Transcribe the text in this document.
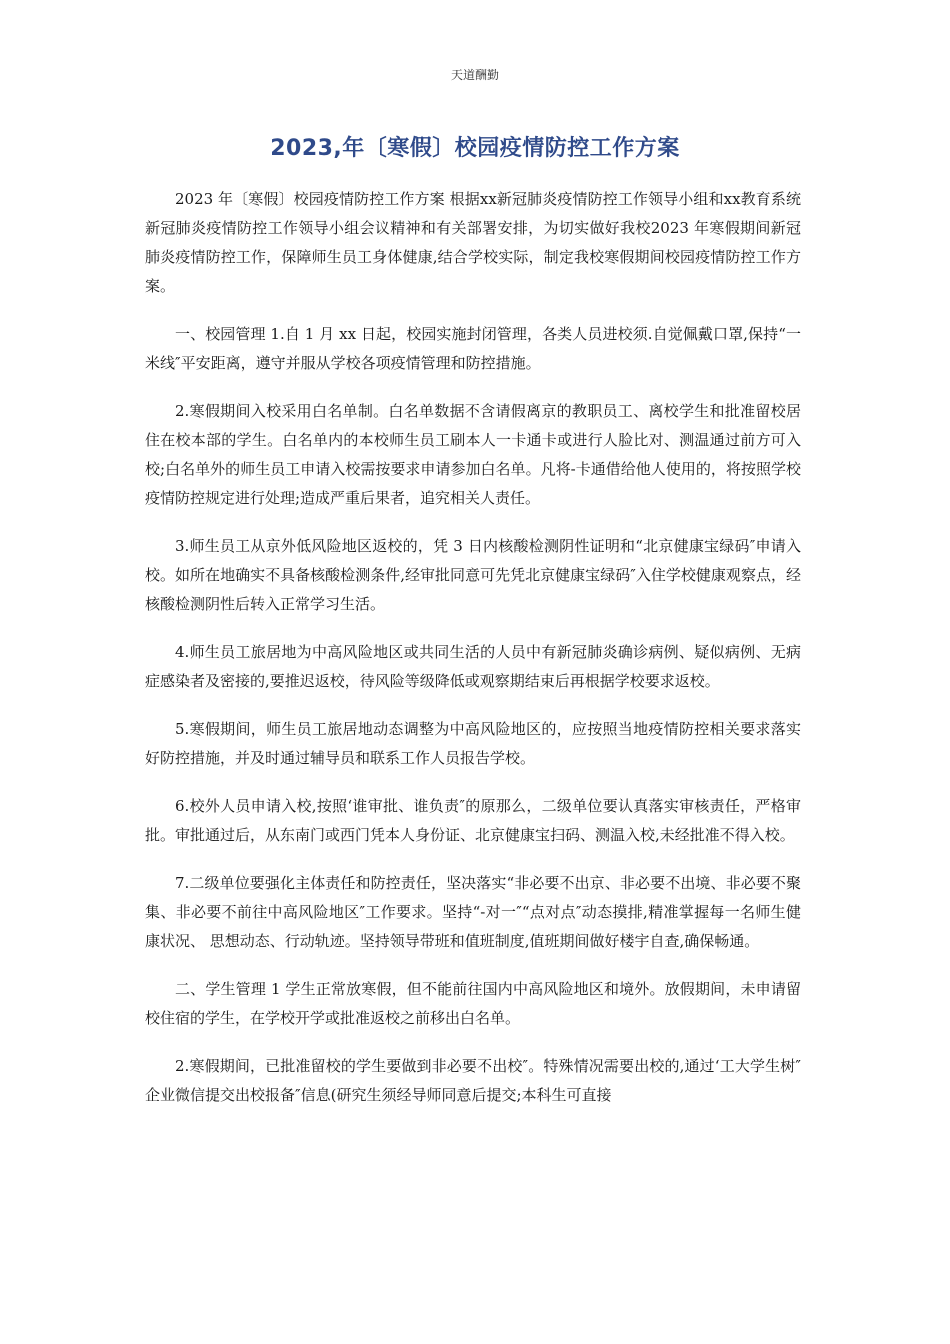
天道酬勤
2023,年〔寒假〕校园疫情防控工作方案

2023 年〔寒假〕校园疫情防控工作方案 根据xx新冠肺炎疫情防控工作领导小组和xx教育系统新冠肺炎疫情防控工作领导小组会议精神和有关部署安排，为切实做好我校2023 年寒假期间新冠肺炎疫情防控工作，保障师生员工身体健康,结合学校实际，制定我校寒假期间校园疫情防控工作方案。

一、校园管理 1.自 1 月 xx 日起，校园实施封闭管理，各类人员进校须.自觉佩戴口罩,保持“一米线″平安距离，遵守并服从学校各项疫情管理和防控措施。

2.寒假期间入校采用白名单制。白名单数据不含请假离京的教职员工、离校学生和批准留校居住在校本部的学生。白名单内的本校师生员工刷本人一卡通卡或进行人脸比对、测温通过前方可入校;白名单外的师生员工申请入校需按要求申请参加白名单。凡将-卡通借给他人使用的，将按照学校疫情防控规定进行处理;造成严重后果者，追究相关人责任。

3.师生员工从京外低风险地区返校的，凭 3 日内核酸检测阴性证明和“北京健康宝绿码″申请入校。如所在地确实不具备核酸检测条件,经审批同意可先凭北京健康宝绿码″入住学校健康观察点，经核酸检测阴性后转入正常学习生活。

4.师生员工旅居地为中高风险地区或共同生活的人员中有新冠肺炎确诊病例、疑似病例、无病症感染者及密接的,要推迟返校，待风险等级降低或观察期结束后再根据学校要求返校。

5.寒假期间，师生员工旅居地动态调整为中高风险地区的，应按照当地疫情防控相关要求落实好防控措施，并及时通过辅导员和联系工作人员报告学校。

6.校外人员申请入校,按照‘谁审批、谁负责″的原那么，二级单位要认真落实审核责任，严格审批。审批通过后，从东南门或西门凭本人身份证、北京健康宝扫码、测温入校,未经批准不得入校。

7.二级单位要强化主体责任和防控责任，坚决落实“非必要不出京、非必要不出境、非必要不聚集、非必要不前往中高风险地区″工作要求。坚持“-对一″“点对点″动态摸排,精准掌握每一名师生健康状况、 思想动态、行动轨迹。坚持领导带班和值班制度,值班期间做好楼宇自查,确保畅通。

二、学生管理 1 学生正常放寒假，但不能前往国内中高风险地区和境外。放假期间，未申请留校住宿的学生，在学校开学或批准返校之前移出白名单。

2.寒假期间，已批准留校的学生要做到非必要不出校″。特殊情况需要出校的,通过‘工大学生树″企业微信提交出校报备″信息(研究生须经导师同意后提交;本科生可直接
